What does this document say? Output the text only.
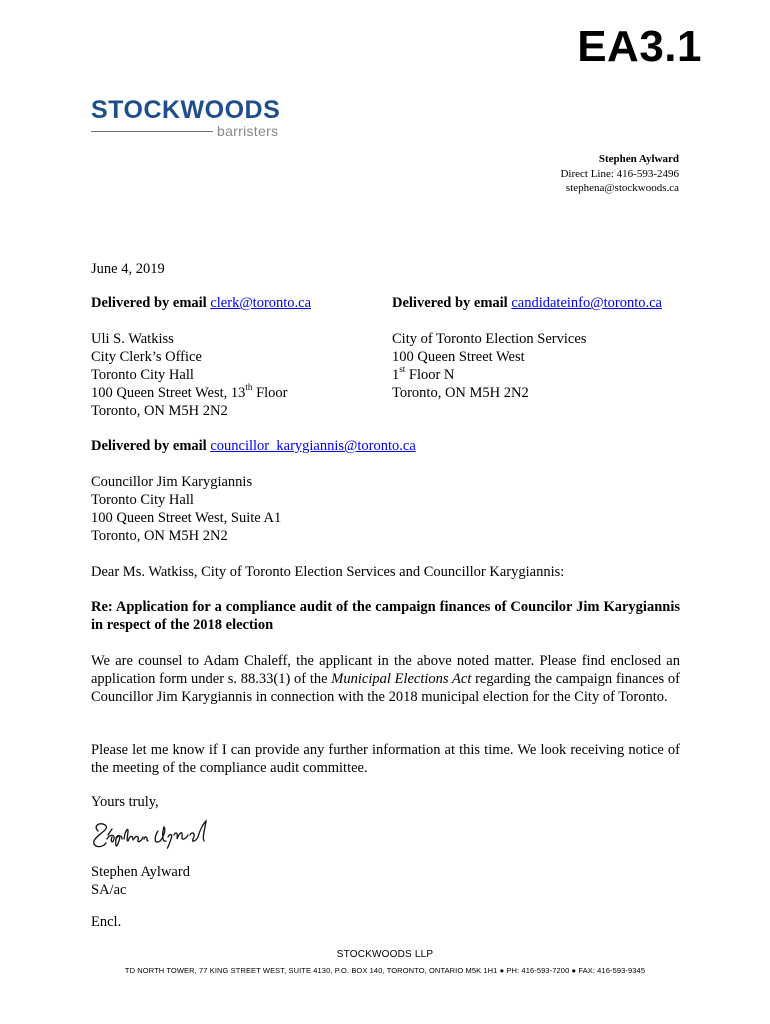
EA3.1
STOCKWOODS
barristers
Stephen Aylward
Direct Line: 416-593-2496
stephena@stockwoods.ca
June 4, 2019
Delivered by email clerk@toronto.ca	Delivered by email candidateinfo@toronto.ca
Uli S. Watkiss
City Clerk’s Office
Toronto City Hall
100 Queen Street West, 13th Floor
Toronto, ON M5H 2N2
City of Toronto Election Services
100 Queen Street West
1st Floor N
Toronto, ON M5H 2N2
Delivered by email councillor_karygiannis@toronto.ca
Councillor Jim Karygiannis
Toronto City Hall
100 Queen Street West, Suite A1
Toronto, ON M5H 2N2
Dear Ms. Watkiss, City of Toronto Election Services and Councillor Karygiannis:
Re: Application for a compliance audit of the campaign finances of Councilor Jim Karygiannis in respect of the 2018 election
We are counsel to Adam Chaleff, the applicant in the above noted matter. Please find enclosed an application form under s. 88.33(1) of the Municipal Elections Act regarding the campaign finances of Councillor Jim Karygiannis in connection with the 2018 municipal election for the City of Toronto.
Please let me know if I can provide any further information at this time. We look receiving notice of the meeting of the compliance audit committee.
Yours truly,
Stephen Aylward
SA/ac
Encl.
STOCKWOODS LLP
TD NORTH TOWER, 77 KING STREET WEST, SUITE 4130, P.O. BOX 140, TORONTO, ONTARIO M5K 1H1 ● PH: 416-593-7200 ● FAX: 416-593-9345
